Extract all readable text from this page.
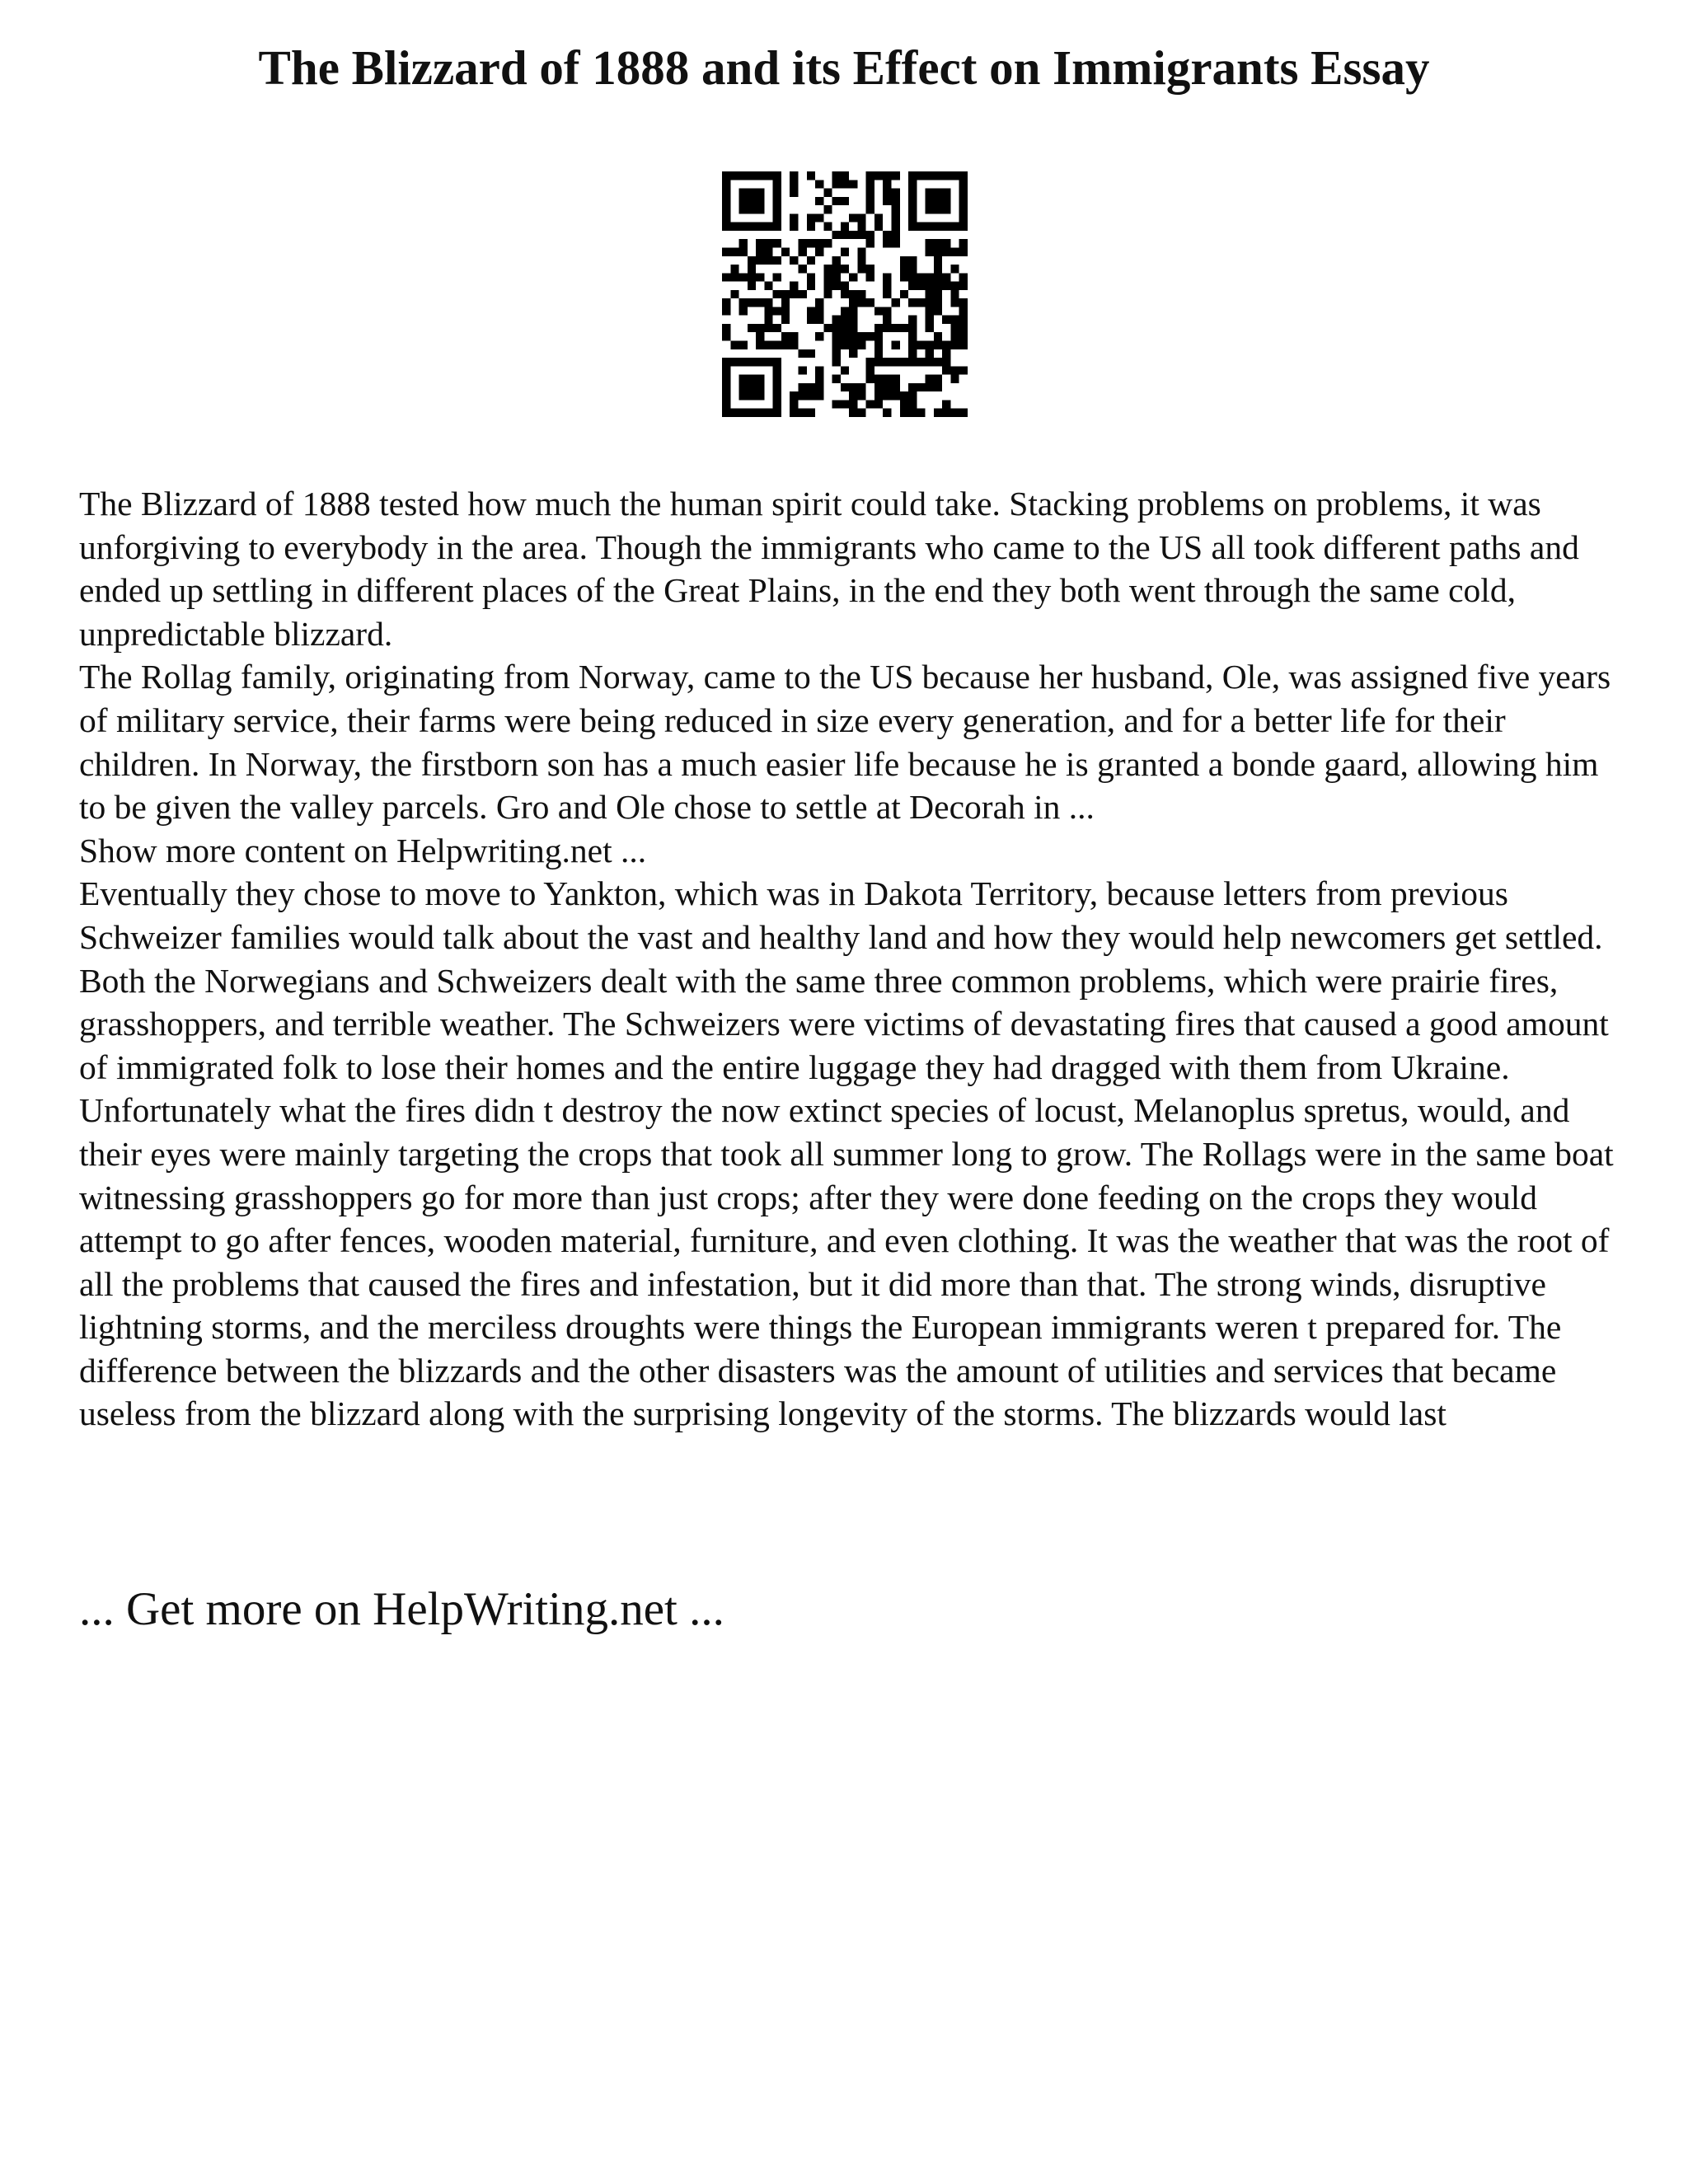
The Blizzard of 1888 and its Effect on Immigrants Essay

The Blizzard of 1888 tested how much the human spirit could take. Stacking problems on problems, it was unforgiving to everybody in the area. Though the immigrants who came to the US all took different paths and ended up settling in different places of the Great Plains, in the end they both went through the same cold, unpredictable blizzard.

The Rollag family, originating from Norway, came to the US because her husband, Ole, was assigned five years of military service, their farms were being reduced in size every generation, and for a better life for their children. In Norway, the firstborn son has a much easier life because he is granted a bonde gaard, allowing him to be given the valley parcels. Gro and Ole chose to settle at Decorah in ...

Show more content on Helpwriting.net ...

Eventually they chose to move to Yankton, which was in Dakota Territory, because letters from previous Schweizer families would talk about the vast and healthy land and how they would help newcomers get settled. Both the Norwegians and Schweizers dealt with the same three common problems, which were prairie fires, grasshoppers, and terrible weather. The Schweizers were victims of devastating fires that caused a good amount of immigrated folk to lose their homes and the entire luggage they had dragged with them from Ukraine. Unfortunately what the fires didn t destroy the now extinct species of locust, Melanoplus spretus, would, and their eyes were mainly targeting the crops that took all summer long to grow. The Rollags were in the same boat witnessing grasshoppers go for more than just crops; after they were done feeding on the crops they would attempt to go after fences, wooden material, furniture, and even clothing. It was the weather that was the root of all the problems that caused the fires and infestation, but it did more than that. The strong winds, disruptive lightning storms, and the merciless droughts were things the European immigrants weren t prepared for. The difference between the blizzards and the other disasters was the amount of utilities and services that became useless from the blizzard along with the surprising longevity of the storms. The blizzards would last

... Get more on HelpWriting.net ...
